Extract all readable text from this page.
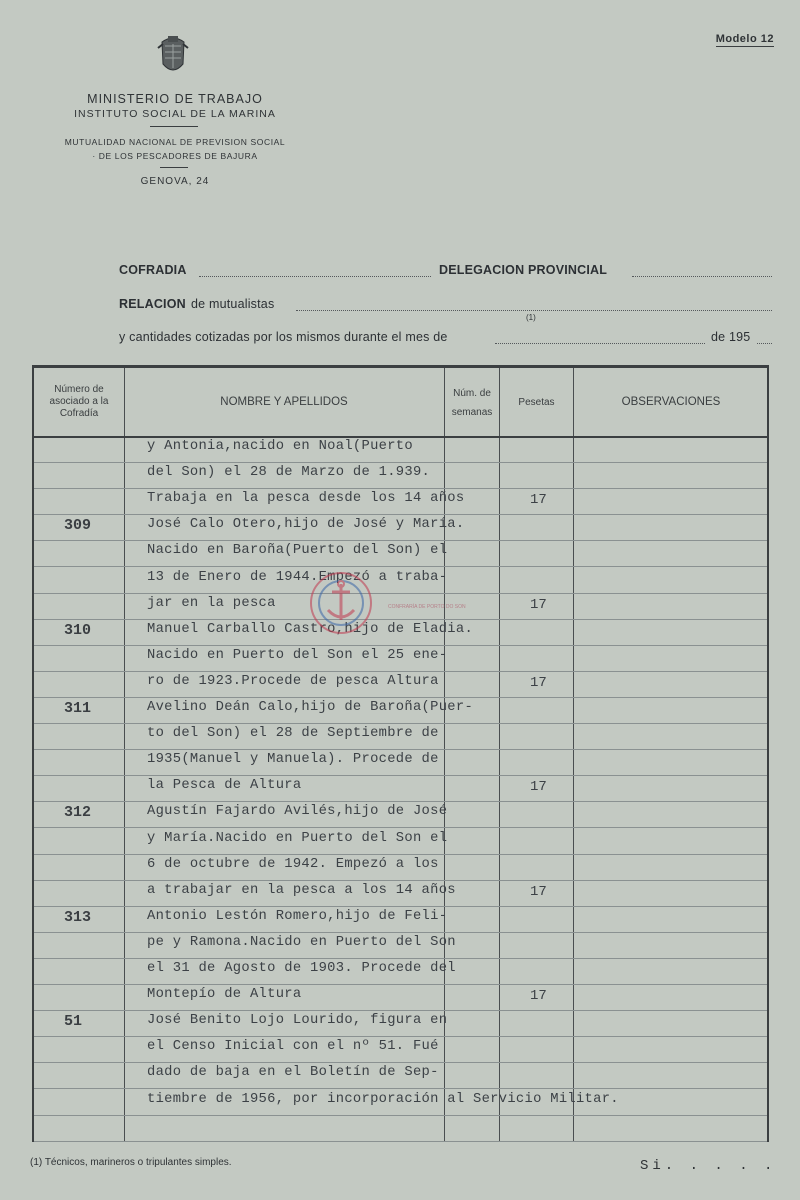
Modelo 12
MINISTERIO DE TRABAJO
INSTITUTO SOCIAL DE LA MARINA
MUTUALIDAD NACIONAL DE PREVISION SOCIAL
· DE LOS PESCADORES DE BAJURA
GENOVA, 24
COFRADIA	DELEGACION PROVINCIAL
RELACION de mutualistas
(1)
y cantidades cotizadas por los mismos durante el mes de	de 195
Número de asociado a la Cofradía
NOMBRE Y APELLIDOS
Núm. de semanas
Pesetas	OBSERVACIONES
y Antonia,nacido en Noal(Puerto
del Son) el 28 de Marzo de 1.939.
Trabaja en la pesca desde los 14 años	17
309	José Calo Otero,hijo de José y María.
Nacido en Baroña(Puerto del Son) el
13 de Enero de 1944.Empezó a traba-
jar en la pesca	17
310	Manuel Carballo Castro,hijo de Eladia.
Nacido en Puerto del Son el 25 ene-
ro de 1923.Procede de pesca Altura	17
311	Avelino Deán Calo,hijo de Baroña(Puer-
to del Son) el 28 de Septiembre de
1935(Manuel y Manuela). Procede de
la Pesca de Altura	17
312	Agustín Fajardo Avilés,hijo de José
y María.Nacido en Puerto del Son el
6 de octubre de 1942. Empezó a los
a trabajar en la pesca a los 14 años	17
313	Antonio Lestón Romero,hijo de Feli-
pe y Ramona.Nacido en Puerto del Son
el 31 de Agosto de 1903. Procede del
Montepío de Altura	17
51	José Benito Lojo Lourido, figura en
el Censo Inicial con el nº 51. Fué
dado de baja en el Boletín de Sep-
tiembre de 1956, por incorporación al Servicio Militar.
CONFRARÍA DE PORTO DO SON
(1) Técnicos, marineros o tripulantes simples.	Si. . . . .
